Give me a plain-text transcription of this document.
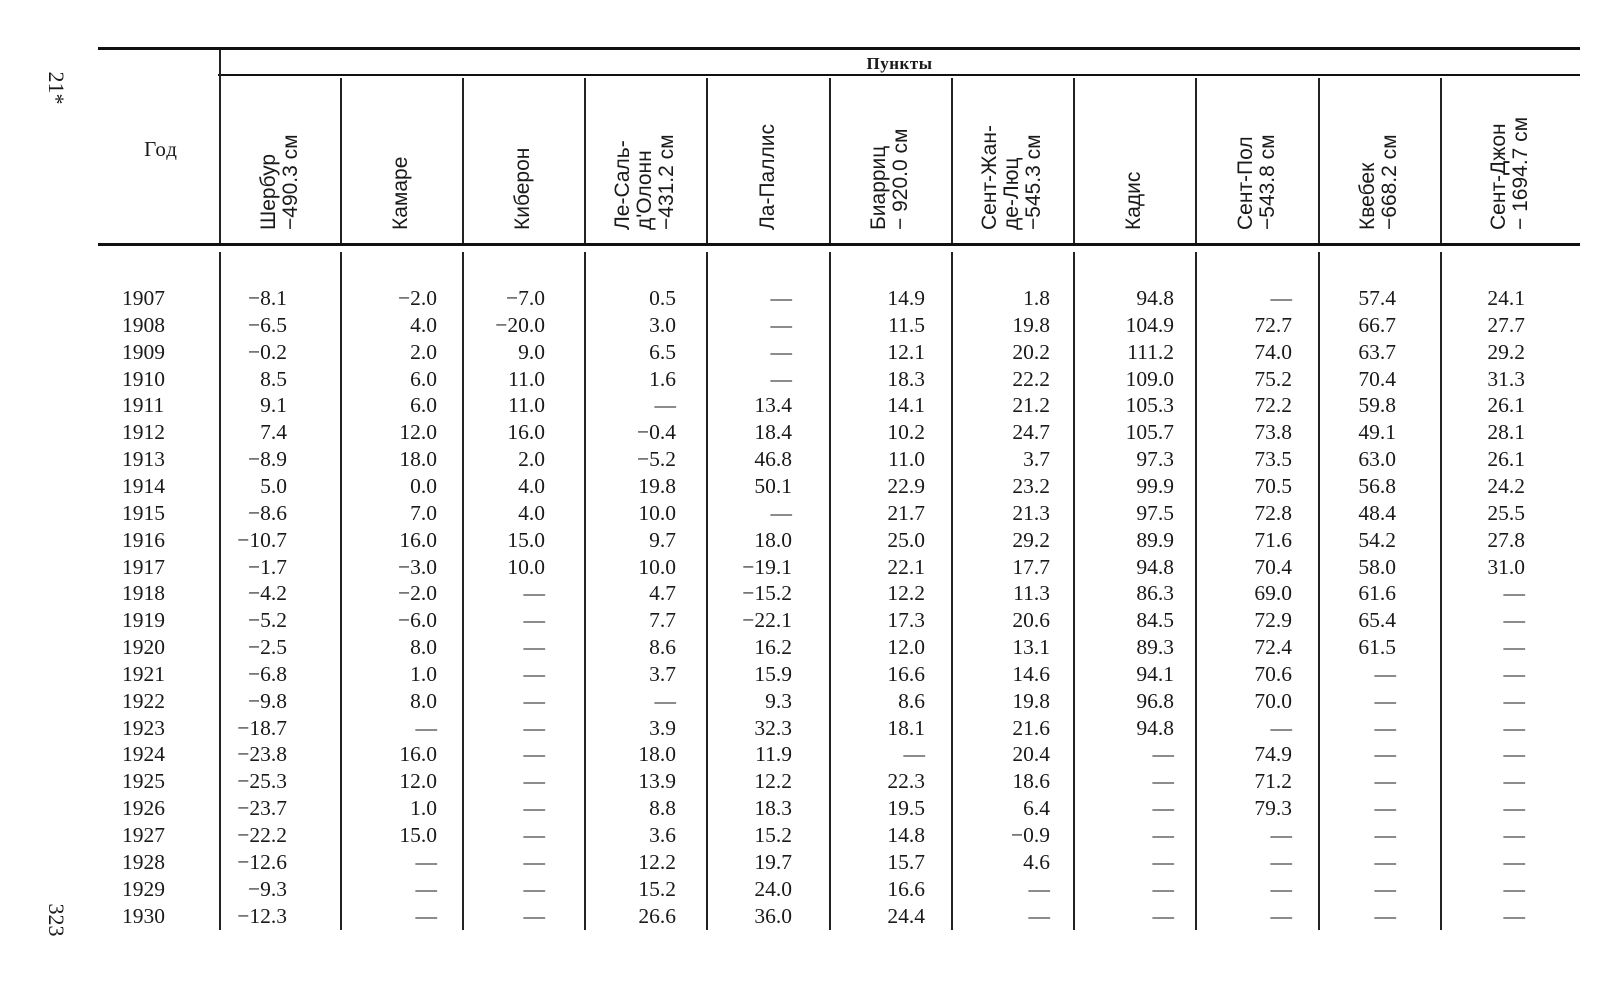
21*
323
Пункты
Год
Шербур −490.3 см	Камаре	Киберон	Ле-Саль- д'Олонн −431.2 см	Ла-Паллис	Биарриц − 920.0 см	Сент-Жан- де-Люц −545.3 см	Кадис	Сент-Пол −543.8 см	Квебек −668.2 см	Сент-Джон − 1694.7 см
1907	−8.1	−2.0	−7.0	0.5	—	14.9	1.8	94.8	—	57.4	24.1
1908	−6.5	4.0	−20.0	3.0	—	11.5	19.8	104.9	72.7	66.7	27.7
1909	−0.2	2.0	9.0	6.5	—	12.1	20.2	111.2	74.0	63.7	29.2
1910	8.5	6.0	11.0	1.6	—	18.3	22.2	109.0	75.2	70.4	31.3
1911	9.1	6.0	11.0	—	13.4	14.1	21.2	105.3	72.2	59.8	26.1
1912	7.4	12.0	16.0	−0.4	18.4	10.2	24.7	105.7	73.8	49.1	28.1
1913	−8.9	18.0	2.0	−5.2	46.8	11.0	3.7	97.3	73.5	63.0	26.1
1914	5.0	0.0	4.0	19.8	50.1	22.9	23.2	99.9	70.5	56.8	24.2
1915	−8.6	7.0	4.0	10.0	—	21.7	21.3	97.5	72.8	48.4	25.5
1916	−10.7	16.0	15.0	9.7	18.0	25.0	29.2	89.9	71.6	54.2	27.8
1917	−1.7	−3.0	10.0	10.0	−19.1	22.1	17.7	94.8	70.4	58.0	31.0
1918	−4.2	−2.0	—	4.7	−15.2	12.2	11.3	86.3	69.0	61.6	—
1919	−5.2	−6.0	—	7.7	−22.1	17.3	20.6	84.5	72.9	65.4	—
1920	−2.5	8.0	—	8.6	16.2	12.0	13.1	89.3	72.4	61.5	—
1921	−6.8	1.0	—	3.7	15.9	16.6	14.6	94.1	70.6	—	—
1922	−9.8	8.0	—	—	9.3	8.6	19.8	96.8	70.0	—	—
1923	−18.7	—	—	3.9	32.3	18.1	21.6	94.8	—	—	—
1924	−23.8	16.0	—	18.0	11.9	—	20.4	—	74.9	—	—
1925	−25.3	12.0	—	13.9	12.2	22.3	18.6	—	71.2	—	—
1926	−23.7	1.0	—	8.8	18.3	19.5	6.4	—	79.3	—	—
1927	−22.2	15.0	—	3.6	15.2	14.8	−0.9	—	—	—	—
1928	−12.6	—	—	12.2	19.7	15.7	4.6	—	—	—	—
1929	−9.3	—	—	15.2	24.0	16.6	—	—	—	—	—
1930	−12.3	—	—	26.6	36.0	24.4	—	—	—	—	—
